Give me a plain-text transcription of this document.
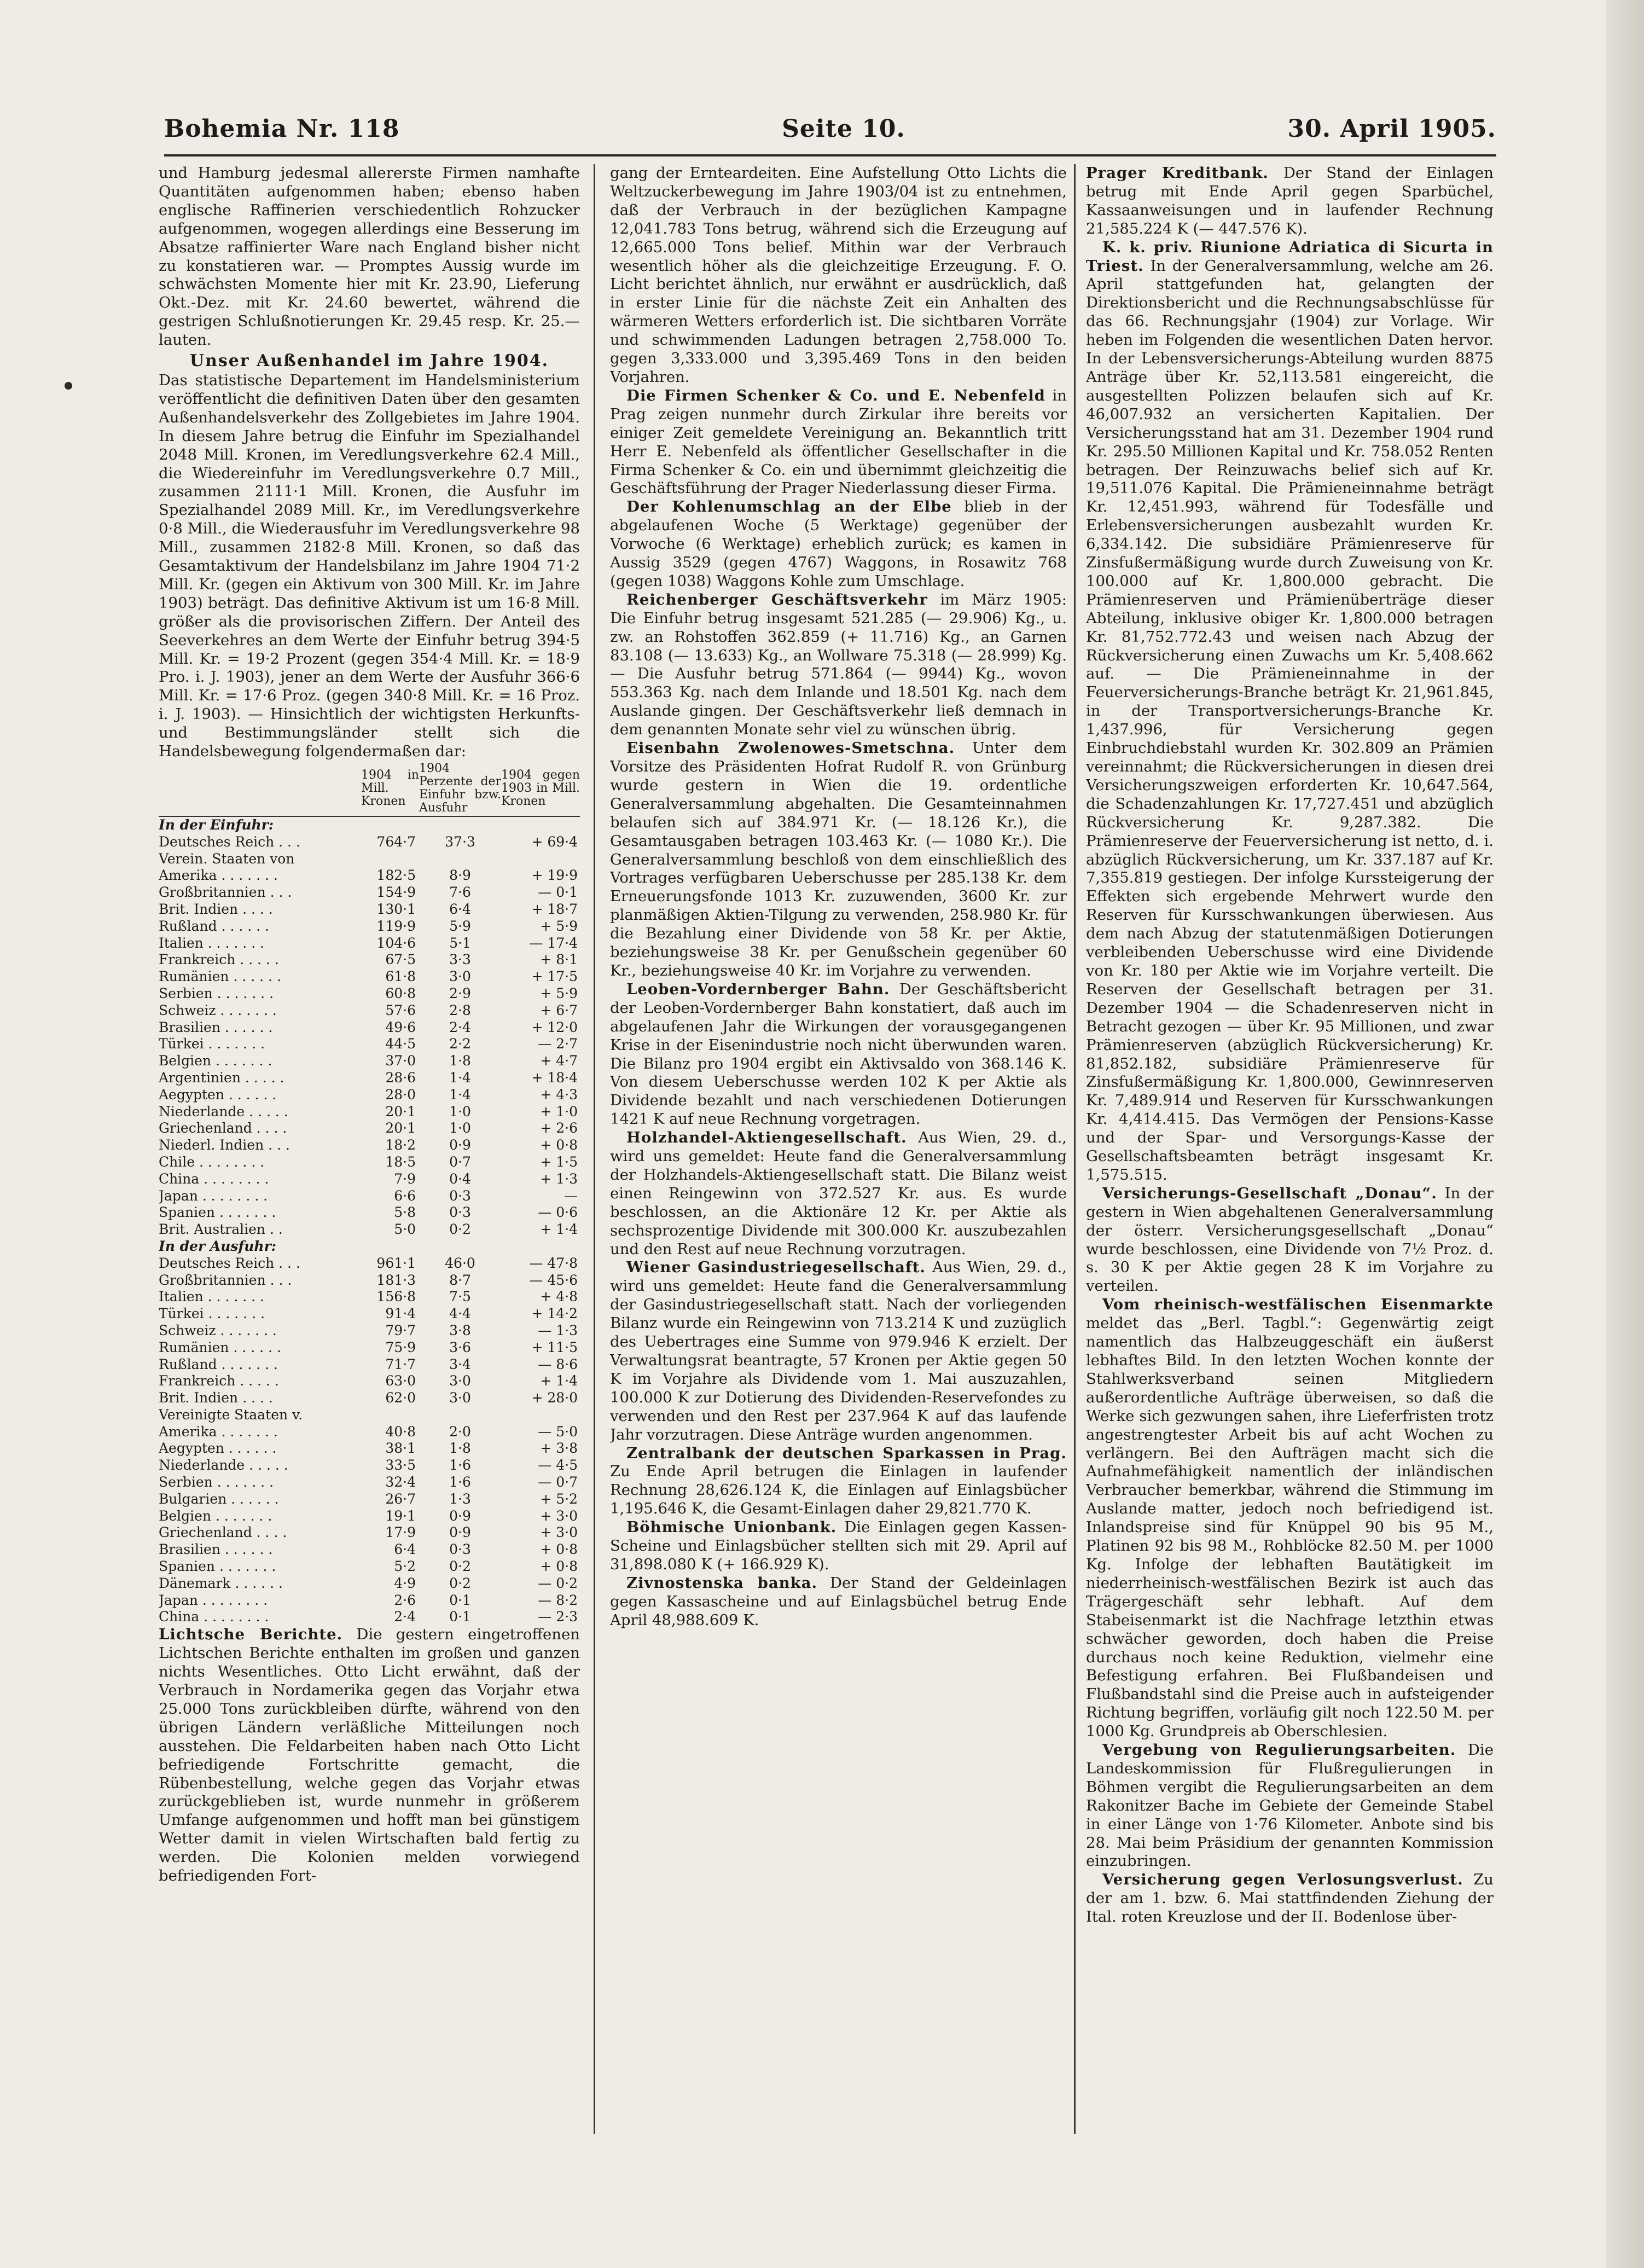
Bohemia Nr. 118	Seite 10.	30. April 1905.

und Hamburg jedesmal allererste Firmen namhafte Quantitäten aufgenommen haben; ebenso haben englische Raffinerien verschiedentlich Rohzucker aufgenommen, wogegen allerdings eine Besserung im Absatze raffinierter Ware nach England bisher nicht zu konstatieren war. — Promptes Aussig wurde im schwächsten Momente hier mit Kr. 23.90, Lieferung Okt.-Dez. mit Kr. 24.60 bewertet, während die gestrigen Schlußnotierungen Kr. 29.45 resp. Kr. 25.— lauten.

Unser Außenhandel im Jahre 1904.

Das statistische Departement im Handelsministerium veröffentlicht die definitiven Daten über den gesamten Außenhandelsverkehr des Zollgebietes im Jahre 1904. In diesem Jahre betrug die Einfuhr im Spezialhandel 2048 Mill. Kronen, im Veredlungsverkehre 62.4 Mill., die Wiedereinfuhr im Veredlungsverkehre 0.7 Mill., zusammen 2111·1 Mill. Kronen, die Ausfuhr im Spezialhandel 2089 Mill. Kr., im Veredlungsverkehre 0·8 Mill., die Wiederausfuhr im Veredlungsverkehre 98 Mill., zusammen 2182·8 Mill. Kronen, so daß das Gesamtaktivum der Handelsbilanz im Jahre 1904 71·2 Mill. Kr. (gegen ein Aktivum von 300 Mill. Kr. im Jahre 1903) beträgt. Das definitive Aktivum ist um 16·8 Mill. größer als die provisorischen Ziffern. Der Anteil des Seeverkehres an dem Werte der Einfuhr betrug 394·5 Mill. Kr. = 19·2 Prozent (gegen 354·4 Mill. Kr. = 18·9 Pro. i. J. 1903), jener an dem Werte der Ausfuhr 366·6 Mill. Kr. = 17·6 Proz. (gegen 340·8 Mill. Kr. = 16 Proz. i. J. 1903). — Hinsichtlich der wichtigsten Herkunfts- und Bestimmungsländer stellt sich die Handelsbewegung folgendermaßen dar:

	1904 in Mill. Kronen	1904 Perzente der Einfuhr bzw. Ausfuhr	1904 gegen 1903 in Mill. Kronen
In der Einfuhr:			
Deutsches Reich . . .	764·7	37·3	+ 69·4
Verein. Staaten von			
Amerika . . . . . . .	182·5	8·9	+ 19·9
Großbritannien . . .	154·9	7·6	— 0·1
Brit. Indien . . . .	130·1	6·4	+ 18·7
Rußland . . . . . .	119·9	5·9	+ 5·9
Italien . . . . . . .	104·6	5·1	— 17·4
Frankreich . . . . .	67·5	3·3	+ 8·1
Rumänien . . . . . .	61·8	3·0	+ 17·5
Serbien . . . . . . .	60·8	2·9	+ 5·9
Schweiz . . . . . . .	57·6	2·8	+ 6·7
Brasilien . . . . . .	49·6	2·4	+ 12·0
Türkei . . . . . . .	44·5	2·2	— 2·7
Belgien . . . . . . .	37·0	1·8	+ 4·7
Argentinien . . . . .	28·6	1·4	+ 18·4
Aegypten . . . . . .	28·0	1·4	+ 4·3
Niederlande . . . . .	20·1	1·0	+ 1·0
Griechenland . . . .	20·1	1·0	+ 2·6
Niederl. Indien . . .	18·2	0·9	+ 0·8
Chile . . . . . . . .	18·5	0·7	+ 1·5
China . . . . . . . .	7·9	0·4	+ 1·3
Japan . . . . . . . .	6·6	0·3	—
Spanien . . . . . . .	5·8	0·3	— 0·6
Brit. Australien . .	5·0	0·2	+ 1·4
In der Ausfuhr:			
Deutsches Reich . . .	961·1	46·0	— 47·8
Großbritannien . . .	181·3	8·7	— 45·6
Italien . . . . . . .	156·8	7·5	+ 4·8
Türkei . . . . . . .	91·4	4·4	+ 14·2
Schweiz . . . . . . .	79·7	3·8	— 1·3
Rumänien . . . . . .	75·9	3·6	+ 11·5
Rußland . . . . . . .	71·7	3·4	— 8·6
Frankreich . . . . .	63·0	3·0	+ 1·4
Brit. Indien . . . .	62·0	3·0	+ 28·0
Vereinigte Staaten v.			
Amerika . . . . . . .	40·8	2·0	— 5·0
Aegypten . . . . . .	38·1	1·8	+ 3·8
Niederlande . . . . .	33·5	1·6	— 4·5
Serbien . . . . . . .	32·4	1·6	— 0·7
Bulgarien . . . . . .	26·7	1·3	+ 5·2
Belgien . . . . . . .	19·1	0·9	+ 3·0
Griechenland . . . .	17·9	0·9	+ 3·0
Brasilien . . . . . .	6·4	0·3	+ 0·8
Spanien . . . . . . .	5·2	0·2	+ 0·8
Dänemark . . . . . .	4·9	0·2	— 0·2
Japan . . . . . . . .	2·6	0·1	— 8·2
China . . . . . . . .	2·4	0·1	— 2·3

Lichtsche Berichte. Die gestern eingetroffenen Lichtschen Berichte enthalten im großen und ganzen nichts Wesentliches. Otto Licht erwähnt, daß der Verbrauch in Nordamerika gegen das Vorjahr etwa 25.000 Tons zurückbleiben dürfte, während von den übrigen Ländern verläßliche Mitteilungen noch ausstehen. Die Feldarbeiten haben nach Otto Licht befriedigende Fortschritte gemacht, die Rübenbestellung, welche gegen das Vorjahr etwas zurückgeblieben ist, wurde nunmehr in größerem Umfange aufgenommen und hofft man bei günstigem Wetter damit in vielen Wirtschaften bald fertig zu werden. Die Kolonien melden vorwiegend befriedigenden Fort-

gang der Ernteardeiten. Eine Aufstellung Otto Lichts die Weltzuckerbewegung im Jahre 1903/04 ist zu entnehmen, daß der Verbrauch in der bezüglichen Kampagne 12,041.783 Tons betrug, während sich die Erzeugung auf 12,665.000 Tons belief. Mithin war der Verbrauch wesentlich höher als die gleichzeitige Erzeugung. F. O. Licht berichtet ähnlich, nur erwähnt er ausdrücklich, daß in erster Linie für die nächste Zeit ein Anhalten des wärmeren Wetters erforderlich ist. Die sichtbaren Vorräte und schwimmenden Ladungen betragen 2,758.000 To. gegen 3,333.000 und 3,395.469 Tons in den beiden Vorjahren.

Die Firmen Schenker & Co. und E. Nebenfeld in Prag zeigen nunmehr durch Zirkular ihre bereits vor einiger Zeit gemeldete Vereinigung an. Bekanntlich tritt Herr E. Nebenfeld als öffentlicher Gesellschafter in die Firma Schenker & Co. ein und übernimmt gleichzeitig die Geschäftsführung der Prager Niederlassung dieser Firma.

Der Kohlenumschlag an der Elbe blieb in der abgelaufenen Woche (5 Werktage) gegenüber der Vorwoche (6 Werktage) erheblich zurück; es kamen in Aussig 3529 (gegen 4767) Waggons, in Rosawitz 768 (gegen 1038) Waggons Kohle zum Umschlage.

Reichenberger Geschäftsverkehr im März 1905: Die Einfuhr betrug insgesamt 521.285 (— 29.906) Kg., u. zw. an Rohstoffen 362.859 (+ 11.716) Kg., an Garnen 83.108 (— 13.633) Kg., an Wollware 75.318 (— 28.999) Kg. — Die Ausfuhr betrug 571.864 (— 9944) Kg., wovon 553.363 Kg. nach dem Inlande und 18.501 Kg. nach dem Auslande gingen. Der Geschäftsverkehr ließ demnach in dem genannten Monate sehr viel zu wünschen übrig.

Eisenbahn Zwolenowes-Smetschna. Unter dem Vorsitze des Präsidenten Hofrat Rudolf R. von Grünburg wurde gestern in Wien die 19. ordentliche Generalversammlung abgehalten. Die Gesamteinnahmen belaufen sich auf 384.971 Kr. (— 18.126 Kr.), die Gesamtausgaben betragen 103.463 Kr. (— 1080 Kr.). Die Generalversammlung beschloß von dem einschließlich des Vortrages verfügbaren Ueberschusse per 285.138 Kr. dem Erneuerungsfonde 1013 Kr. zuzuwenden, 3600 Kr. zur planmäßigen Aktien-Tilgung zu verwenden, 258.980 Kr. für die Bezahlung einer Dividende von 58 Kr. per Aktie, beziehungsweise 38 Kr. per Genußschein gegenüber 60 Kr., beziehungsweise 40 Kr. im Vorjahre zu verwenden.

Leoben-Vordernberger Bahn. Der Geschäftsbericht der Leoben-Vordernberger Bahn konstatiert, daß auch im abgelaufenen Jahr die Wirkungen der vorausgegangenen Krise in der Eisenindustrie noch nicht überwunden waren. Die Bilanz pro 1904 ergibt ein Aktivsaldo von 368.146 K. Von diesem Ueberschusse werden 102 K per Aktie als Dividende bezahlt und nach verschiedenen Dotierungen 1421 K auf neue Rechnung vorgetragen.

Holzhandel-Aktiengesellschaft. Aus Wien, 29. d., wird uns gemeldet: Heute fand die Generalversammlung der Holzhandels-Aktiengesellschaft statt. Die Bilanz weist einen Reingewinn von 372.527 Kr. aus. Es wurde beschlossen, an die Aktionäre 12 Kr. per Aktie als sechsprozentige Dividende mit 300.000 Kr. auszubezahlen und den Rest auf neue Rechnung vorzutragen.

Wiener Gasindustriegesellschaft. Aus Wien, 29. d., wird uns gemeldet: Heute fand die Generalversammlung der Gasindustriegesellschaft statt. Nach der vorliegenden Bilanz wurde ein Reingewinn von 713.214 K und zuzüglich des Uebertrages eine Summe von 979.946 K erzielt. Der Verwaltungsrat beantragte, 57 Kronen per Aktie gegen 50 K im Vorjahre als Dividende vom 1. Mai auszuzahlen, 100.000 K zur Dotierung des Dividenden-Reservefondes zu verwenden und den Rest per 237.964 K auf das laufende Jahr vorzutragen. Diese Anträge wurden angenommen.

Zentralbank der deutschen Sparkassen in Prag. Zu Ende April betrugen die Einlagen in laufender Rechnung 28,626.124 K, die Einlagen auf Einlagsbücher 1,195.646 K, die Gesamt-Einlagen daher 29,821.770 K.

Böhmische Unionbank. Die Einlagen gegen Kassen-Scheine und Einlagsbücher stellten sich mit 29. April auf 31,898.080 K (+ 166.929 K).

Zivnostenska banka. Der Stand der Geldeinlagen gegen Kassascheine und auf Einlagsbüchel betrug Ende April 48,988.609 K.

Prager Kreditbank. Der Stand der Einlagen betrug mit Ende April gegen Sparbüchel, Kassaanweisungen und in laufender Rechnung 21,585.224 K (— 447.576 K).

K. k. priv. Riunione Adriatica di Sicurta in Triest. In der Generalversammlung, welche am 26. April stattgefunden hat, gelangten der Direktionsbericht und die Rechnungsabschlüsse für das 66. Rechnungsjahr (1904) zur Vorlage. Wir heben im Folgenden die wesentlichen Daten hervor. In der Lebensversicherungs-Abteilung wurden 8875 Anträge über Kr. 52,113.581 eingereicht, die ausgestellten Polizzen belaufen sich auf Kr. 46,007.932 an versicherten Kapitalien. Der Versicherungsstand hat am 31. Dezember 1904 rund Kr. 295.50 Millionen Kapital und Kr. 758.052 Renten betragen. Der Reinzuwachs belief sich auf Kr. 19,511.076 Kapital. Die Prämieneinnahme beträgt Kr. 12,451.993, während für Todesfälle und Erlebensversicherungen ausbezahlt wurden Kr. 6,334.142. Die subsidiäre Prämienreserve für Zinsfußermäßigung wurde durch Zuweisung von Kr. 100.000 auf Kr. 1,800.000 gebracht. Die Prämienreserven und Prämienüberträge dieser Abteilung, inklusive obiger Kr. 1,800.000 betragen Kr. 81,752.772.43 und weisen nach Abzug der Rückversicherung einen Zuwachs um Kr. 5,408.662 auf. — Die Prämieneinnahme in der Feuerversicherungs-Branche beträgt Kr. 21,961.845, in der Transportversicherungs-Branche Kr. 1,437.996, für Versicherung gegen Einbruchdiebstahl wurden Kr. 302.809 an Prämien vereinnahmt; die Rückversicherungen in diesen drei Versicherungszweigen erforderten Kr. 10,647.564, die Schadenzahlungen Kr. 17,727.451 und abzüglich Rückversicherung Kr. 9,287.382. Die Prämienreserve der Feuerversicherung ist netto, d. i. abzüglich Rückversicherung, um Kr. 337.187 auf Kr. 7,355.819 gestiegen. Der infolge Kurssteigerung der Effekten sich ergebende Mehrwert wurde den Reserven für Kursschwankungen überwiesen. Aus dem nach Abzug der statutenmäßigen Dotierungen verbleibenden Ueberschusse wird eine Dividende von Kr. 180 per Aktie wie im Vorjahre verteilt. Die Reserven der Gesellschaft betragen per 31. Dezember 1904 — die Schadenreserven nicht in Betracht gezogen — über Kr. 95 Millionen, und zwar Prämienreserven (abzüglich Rückversicherung) Kr. 81,852.182, subsidiäre Prämienreserve für Zinsfußermäßigung Kr. 1,800.000, Gewinnreserven Kr. 7,489.914 und Reserven für Kursschwankungen Kr. 4,414.415. Das Vermögen der Pensions-Kasse und der Spar- und Versorgungs-Kasse der Gesellschaftsbeamten beträgt insgesamt Kr. 1,575.515.

Versicherungs-Gesellschaft „Donau“. In der gestern in Wien abgehaltenen Generalversammlung der österr. Versicherungsgesellschaft „Donau“ wurde beschlossen, eine Dividende von 7½ Proz. d. s. 30 K per Aktie gegen 28 K im Vorjahre zu verteilen.

Vom rheinisch-westfälischen Eisenmarkte meldet das „Berl. Tagbl.“: Gegenwärtig zeigt namentlich das Halbzeuggeschäft ein äußerst lebhaftes Bild. In den letzten Wochen konnte der Stahlwerksverband seinen Mitgliedern außerordentliche Aufträge überweisen, so daß die Werke sich gezwungen sahen, ihre Lieferfristen trotz angestrengtester Arbeit bis auf acht Wochen zu verlängern. Bei den Aufträgen macht sich die Aufnahmefähigkeit namentlich der inländischen Verbraucher bemerkbar, während die Stimmung im Auslande matter, jedoch noch befriedigend ist. Inlandspreise sind für Knüppel 90 bis 95 M., Platinen 92 bis 98 M., Rohblöcke 82.50 M. per 1000 Kg. Infolge der lebhaften Bautätigkeit im niederrheinisch-westfälischen Bezirk ist auch das Trägergeschäft sehr lebhaft. Auf dem Stabeisenmarkt ist die Nachfrage letzthin etwas schwächer geworden, doch haben die Preise durchaus noch keine Reduktion, vielmehr eine Befestigung erfahren. Bei Flußbandeisen und Flußbandstahl sind die Preise auch in aufsteigender Richtung begriffen, vorläufig gilt noch 122.50 M. per 1000 Kg. Grundpreis ab Oberschlesien.

Vergebung von Regulierungsarbeiten. Die Landeskommission für Flußregulierungen in Böhmen vergibt die Regulierungsarbeiten an dem Rakonitzer Bache im Gebiete der Gemeinde Stabel in einer Länge von 1·76 Kilometer. Anbote sind bis 28. Mai beim Präsidium der genannten Kommission einzubringen.

Versicherung gegen Verlosungsverlust. Zu der am 1. bzw. 6. Mai stattfindenden Ziehung der Ital. roten Kreuzlose und der II. Bodenlose über-
